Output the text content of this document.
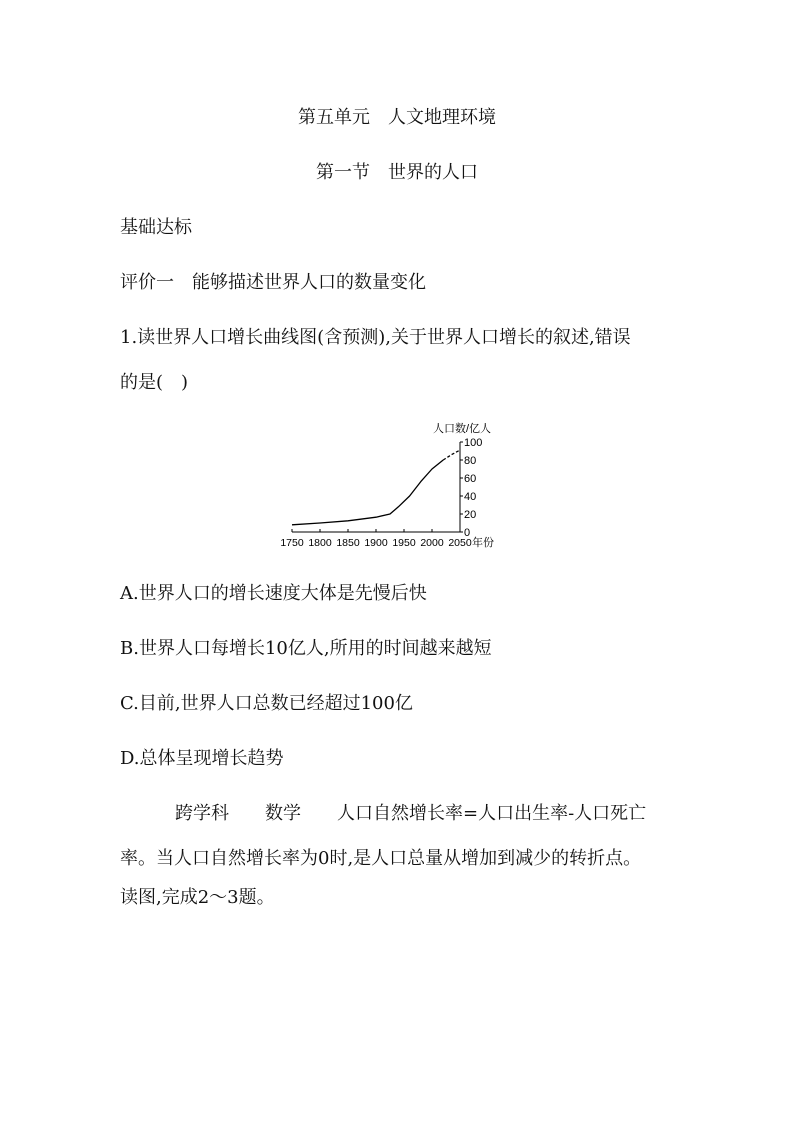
第五单元　人文地理环境
第一节　世界的人口
基础达标
评价一　能够描述世界人口的数量变化
1.读世界人口增长曲线图(含预测),关于世界人口增长的叙述,错误
的是(　)
100
80
60
40
20
0
1750 1800 1850 1900 1950 2000 2050
人口数/亿人
年份
A.世界人口的增长速度大体是先慢后快
B.世界人口每增长10亿人,所用的时间越来越短
C.目前,世界人口总数已经超过100亿
D.总体呈现增长趋势
跨学科　　数学　　人口自然增长率=人口出生率-人口死亡
率。当人口自然增长率为0时,是人口总量从增加到减少的转折点。
读图,完成2～3题。
